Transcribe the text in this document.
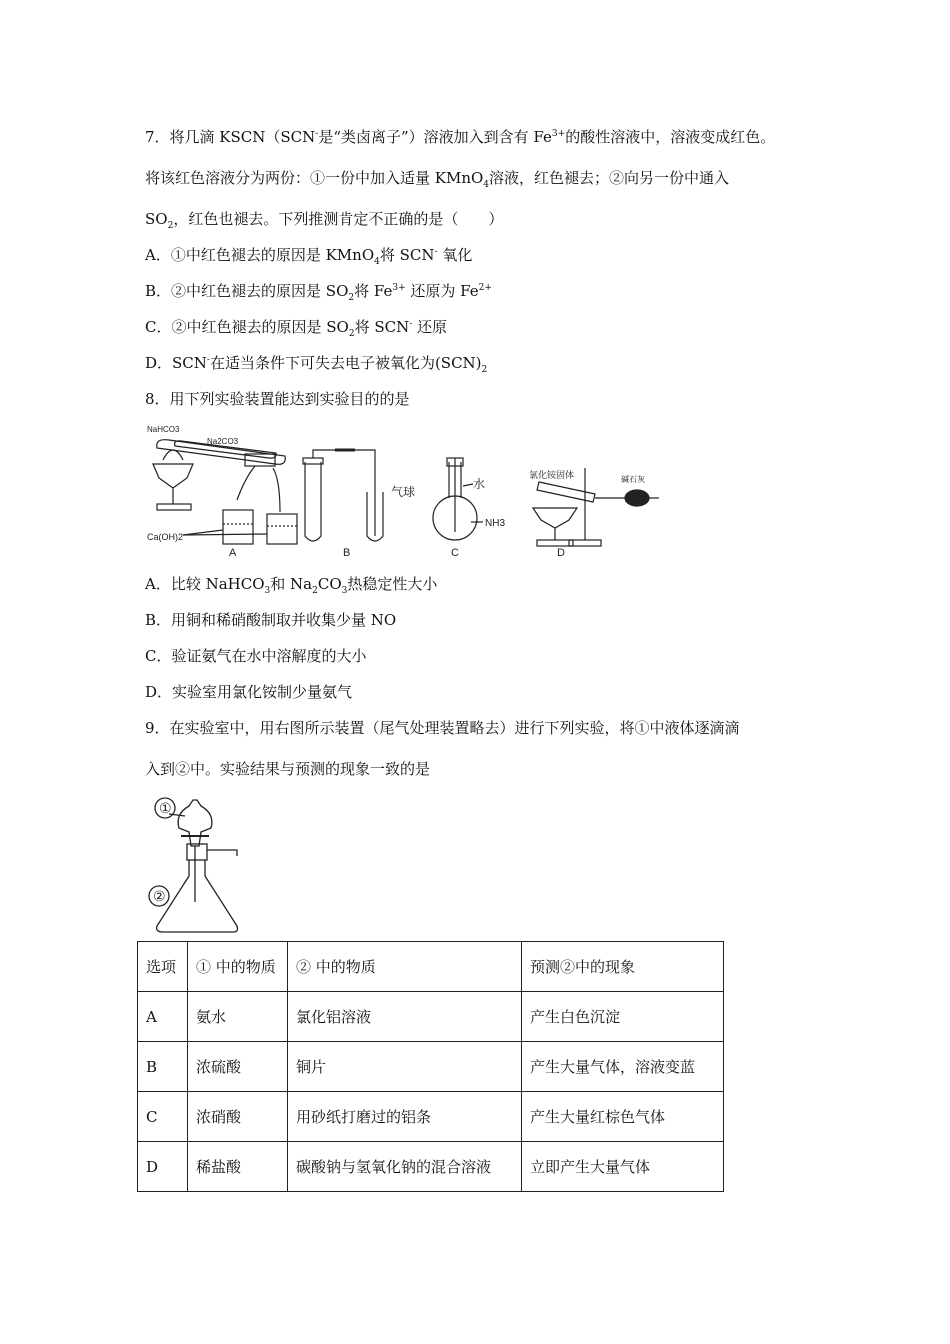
7．将几滴 KSCN（SCN-是“类卤离子”）溶液加入到含有 $Fe^{3+}$的酸性溶液中，溶液变成红色。
将该红色溶液分为两份：①一份中加入适量 KMnO$_4$溶液，红色褪去；②向另一份中通入
$SO_2$，红色也褪去。下列推测肯定不正确的是（　　）
A．①中红色褪去的原因是 KMnO$_4$将 SCN- 氧化
B．②中红色褪去的原因是 $SO_2$将 $Fe^{3+}$ 还原为 $Fe^{2+}$
C．②中红色褪去的原因是 $SO_2$将 SCN- 还原
D．SCN-在适当条件下可失去电子被氧化为$(SCN)_2$
8．用下列实验装置能达到实验目的的是
NaHCO3
Na2CO3
Ca(OH)2
A	B
气球
水
NH3
C
氯化铵固体	碱石灰
D
A．比较 NaHCO$_3$和 $Na_2CO_3$热稳定性大小
B．用铜和稀硝酸制取并收集少量 NO
C．验证氨气在水中溶解度的大小
D．实验室用氯化铵制少量氨气
9．在实验室中，用右图所示装置（尾气处理装置略去）进行下列实验，将①中液体逐滴滴
入到②中。实验结果与预测的现象一致的是
①
②
选项	① 中的物质	② 中的物质	预测②中的现象
A	氨水	氯化铝溶液	产生白色沉淀
B	浓硫酸	铜片	产生大量气体，溶液变蓝
C	浓硝酸	用砂纸打磨过的铝条	产生大量红棕色气体
D	稀盐酸	碳酸钠与氢氧化钠的混合溶液	立即产生大量气体
